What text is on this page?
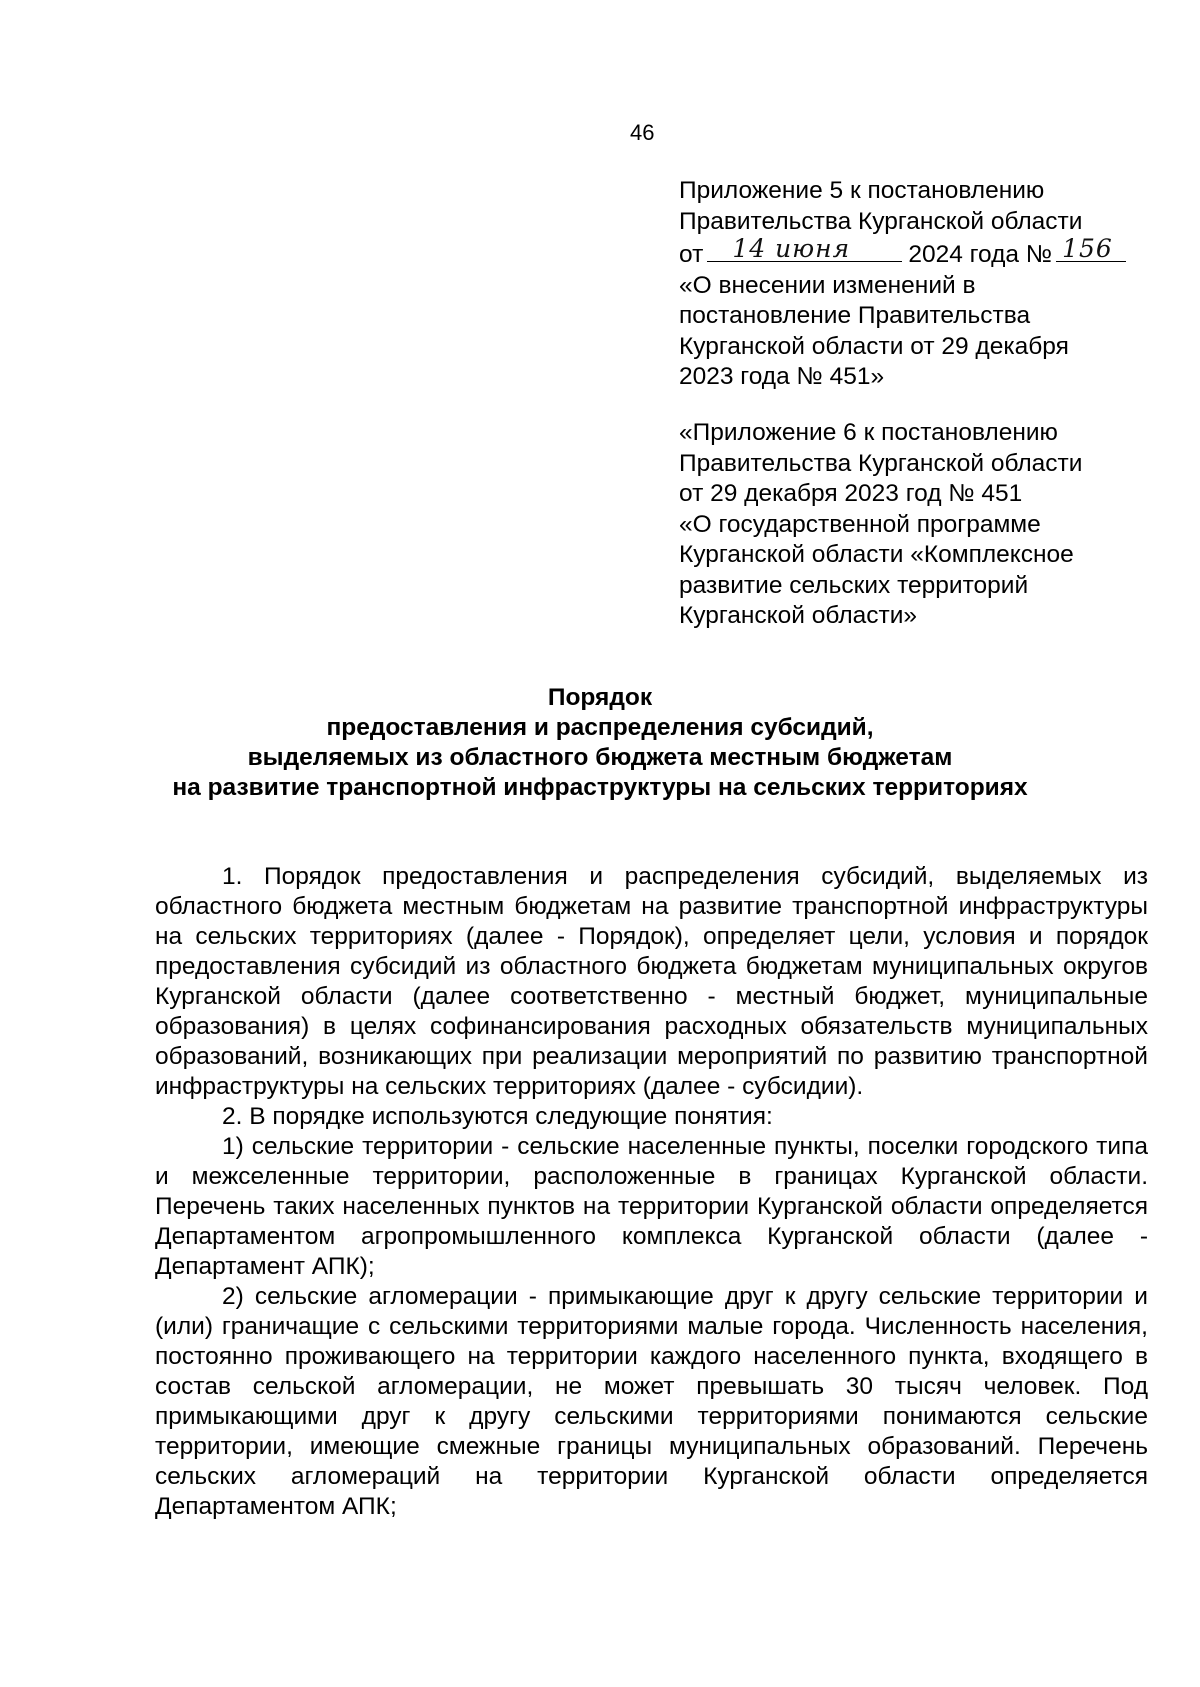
46
Приложение 5 к постановлению
Правительства Курганской области
от 14 июня 2024 года № 156
«О внесении изменений в
постановление Правительства
Курганской области от 29 декабря
2023 года № 451»
«Приложение 6 к постановлению
Правительства Курганской области
от 29 декабря 2023 год № 451
«О государственной программе
Курганской области «Комплексное
развитие сельских территорий
Курганской области»
Порядок
предоставления и распределения субсидий,
выделяемых из областного бюджета местным бюджетам
на развитие транспортной инфраструктуры на сельских территориях

1. Порядок предоставления и распределения субсидий, выделяемых из областного бюджета местным бюджетам на развитие транспортной инфраструктуры на сельских территориях (далее - Порядок), определяет цели, условия и порядок предоставления субсидий из областного бюджета бюджетам муниципальных округов Курганской области (далее соответственно - местный бюджет, муниципальные образования) в целях софинансирования расходных обязательств муниципальных образований, возникающих при реализации мероприятий по развитию транспортной инфраструктуры на сельских территориях (далее - субсидии).

2. В порядке используются следующие понятия:

1) сельские территории - сельские населенные пункты, поселки городского типа и межселенные территории, расположенные в границах Курганской области. Перечень таких населенных пунктов на территории Курганской области определяется Департаментом агропромышленного комплекса Курганской области (далее - Департамент АПК);

2) сельские агломерации - примыкающие друг к другу сельские территории и (или) граничащие с сельскими территориями малые города. Численность населения, постоянно проживающего на территории каждого населенного пункта, входящего в состав сельской агломерации, не может превышать 30 тысяч человек. Под примыкающими друг к другу сельскими территориями понимаются сельские территории, имеющие смежные границы муниципальных образований. Перечень сельских агломераций на территории Курганской области определяется Департаментом АПК;
